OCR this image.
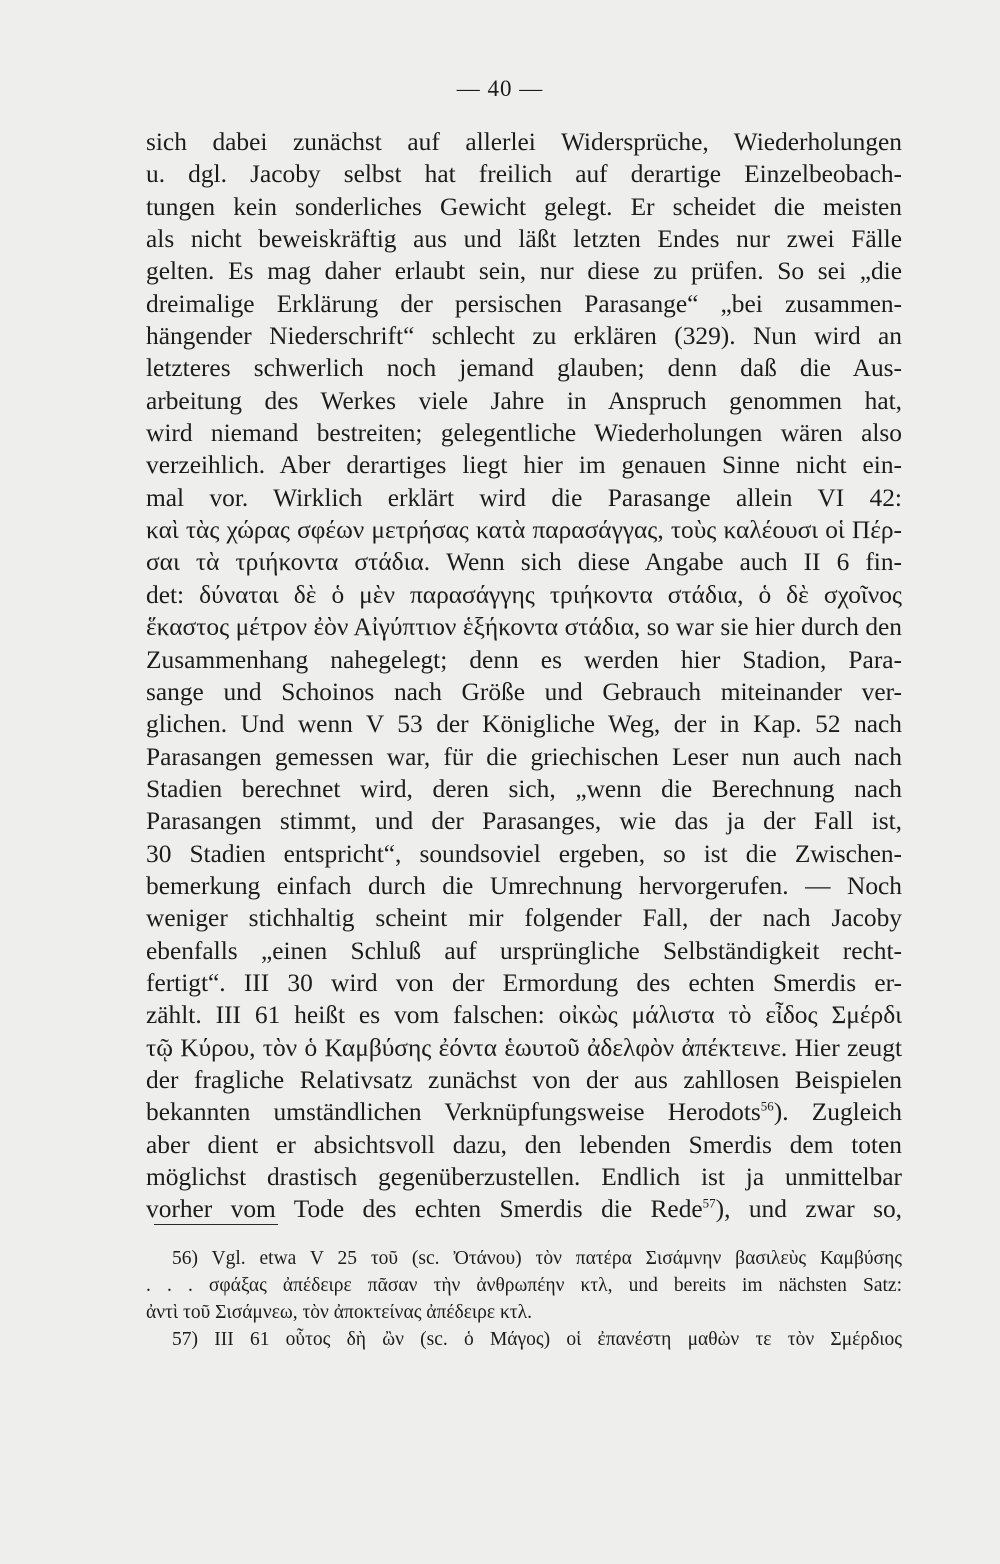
— 40 —
sich dabei zunächst auf allerlei Widersprüche, Wiederholungen
u. dgl. Jacoby selbst hat freilich auf derartige Einzelbeobach-
tungen kein sonderliches Gewicht gelegt. Er scheidet die meisten
als nicht beweiskräftig aus und läßt letzten Endes nur zwei Fälle
gelten. Es mag daher erlaubt sein, nur diese zu prüfen. So sei „die
dreimalige Erklärung der persischen Parasange“ „bei zusammen-
hängender Niederschrift“ schlecht zu erklären (329). Nun wird an
letzteres schwerlich noch jemand glauben; denn daß die Aus-
arbeitung des Werkes viele Jahre in Anspruch genommen hat,
wird niemand bestreiten; gelegentliche Wiederholungen wären also
verzeihlich. Aber derartiges liegt hier im genauen Sinne nicht ein-
mal vor. Wirklich erklärt wird die Parasange allein VI 42:
καὶ τὰς χώρας σφέων μετρήσας κατὰ παρασάγγας, τοὺς καλέουσι οἱ Πέρ-
σαι τὰ τριήκοντα στάδια. Wenn sich diese Angabe auch II 6 fin-
det: δύναται δὲ ὁ μὲν παρασάγγης τριήκοντα στάδια, ὁ δὲ σχοῖνος
ἕκαστος μέτρον ἐὸν Αἰγύπτιον ἑξήκοντα στάδια, so war sie hier durch den
Zusammenhang nahegelegt; denn es werden hier Stadion, Para-
sange und Schoinos nach Größe und Gebrauch miteinander ver-
glichen. Und wenn V 53 der Königliche Weg, der in Kap. 52 nach
Parasangen gemessen war, für die griechischen Leser nun auch nach
Stadien berechnet wird, deren sich, „wenn die Berechnung nach
Parasangen stimmt, und der Parasanges, wie das ja der Fall ist,
30 Stadien entspricht“, soundsoviel ergeben, so ist die Zwischen-
bemerkung einfach durch die Umrechnung hervorgerufen. — Noch
weniger stichhaltig scheint mir folgender Fall, der nach Jacoby
ebenfalls „einen Schluß auf ursprüngliche Selbständigkeit recht-
fertigt“. III 30 wird von der Ermordung des echten Smerdis er-
zählt. III 61 heißt es vom falschen: οἰκὼς μάλιστα τὸ εἶδος Σμέρδι
τῷ Κύρου, τὸν ὁ Καμβύσης ἐόντα ἑωυτοῦ ἀδελφὸν ἀπέκτεινε. Hier zeugt
der fragliche Relativsatz zunächst von der aus zahllosen Beispielen
bekannten umständlichen Verknüpfungsweise Herodots$^{56}$). Zugleich
aber dient er absichtsvoll dazu, den lebenden Smerdis dem toten
möglichst drastisch gegenüberzustellen. Endlich ist ja unmittelbar
vorher vom Tode des echten Smerdis die Rede$^{57}$), und zwar so,
56) Vgl. etwa V 25 τοῦ (sc. Ὀτάνου) τὸν πατέρα Σισάμνην βασιλεὺς Καμβύσης
. . . σφάξας ἀπέδειρε πᾶσαν τὴν ἀνθρωπέην κτλ, und bereits im nächsten Satz:
ἀντὶ τοῦ Σισάμνεω, τὸν ἀποκτείνας ἀπέδειρε κτλ.
57) III 61 οὗτος δὴ ὢν (sc. ὁ Μάγος) οἱ ἐπανέστη μαθὼν τε τὸν Σμέρδιος
